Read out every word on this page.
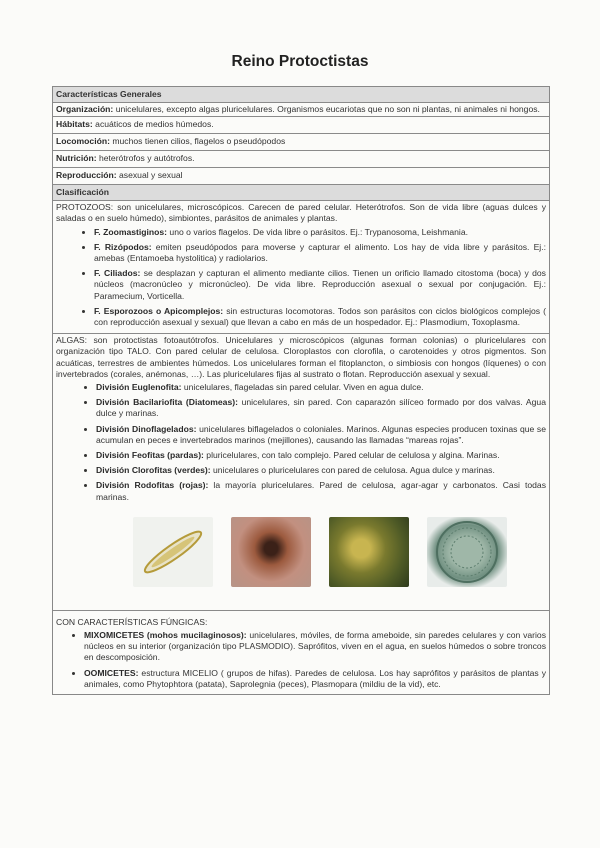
Reino Protoctistas
Características Generales

Organización: unicelulares, excepto algas pluricelulares. Organismos eucariotas que no son ni plantas, ni animales ni hongos.

Hábitats: acuáticos de medios húmedos.
Locomoción: muchos tienen cilios, flagelos o pseudópodos
Nutrición: heterótrofos y autótrofos.
Reproducción: asexual y sexual
Clasificación

PROTOZOOS: son unicelulares, microscópicos. Carecen de pared celular. Heterótrofos. Son de vida libre (aguas dulces y saladas o en suelo húmedo), simbiontes, parásitos de animales y plantas.

• F. Zoomastiginos: uno o varios flagelos. De vida libre o parásitos. Ej.: Trypanosoma, Leishmania.
• F. Rizópodos: emiten pseudópodos para moverse y capturar el alimento. Los hay de vida libre y parásitos. Ej.: amebas (Entamoeba hystolitica) y radiolarios.
• F. Ciliados: se desplazan y capturan el alimento mediante cilios. Tienen un orificio llamado citostoma (boca) y dos núcleos (macronúcleo y micronúcleo). De vida libre. Reproducción asexual o sexual por conjugación. Ej.: Paramecium, Vorticella.
• F. Esporozoos o Apicomplejos: sin estructuras locomotoras. Todos son parásitos con ciclos biológicos complejos ( con reproducción asexual y sexual) que llevan a cabo en más de un hospedador. Ej.: Plasmodium, Toxoplasma.

ALGAS: son protoctistas fotoautótrofos. Unicelulares y microscópicos (algunas forman colonias) o pluricelulares con organización tipo TALO. Con pared celular de celulosa. Cloroplastos con clorofila, o carotenoides y otros pigmentos. Son acuáticas, terrestres de ambientes húmedos. Los unicelulares forman el fitoplancton, o simbiosis con hongos (líquenes) o con invertebrados (corales, anémonas, …). Las pluricelulares fijas al sustrato o flotan. Reproducción asexual y sexual.

• División Euglenofita: unicelulares, flageladas sin pared celular. Viven en agua dulce.
• División Bacilariofita (Diatomeas): unicelulares, sin pared. Con caparazón silíceo formado por dos valvas. Agua dulce y marinas.
• División Dinoflagelados: unicelulares biflagelados o coloniales. Marinos. Algunas especies producen toxinas que se acumulan en peces e invertebrados marinos (mejillones), causando las llamadas “mareas rojas”.
• División Feofitas (pardas): pluricelulares, con talo complejo. Pared celular de celulosa y algina. Marinas.
• División Clorofitas (verdes): unicelulares o pluricelulares con pared de celulosa. Agua dulce y marinas.
• División Rodofitas (rojas): la mayoría pluricelulares. Pared de celulosa, agar-agar y carbonatos. Casi todas marinas.

CON CARACTERÍSTICAS FÚNGICAS:

• MIXOMICETES (mohos mucilaginosos): unicelulares, móviles, de forma ameboide, sin paredes celulares y con varios núcleos en su interior (organización tipo PLASMODIO). Saprófitos, viven en el agua, en suelos húmedos o sobre troncos en descomposición.
• OOMICETES: estructura MICELIO ( grupos de hifas). Paredes de celulosa. Los hay saprófitos y parásitos de plantas y animales, como Phytophtora (patata), Saprolegnia (peces), Plasmopara (mildiu de la vid), etc.
